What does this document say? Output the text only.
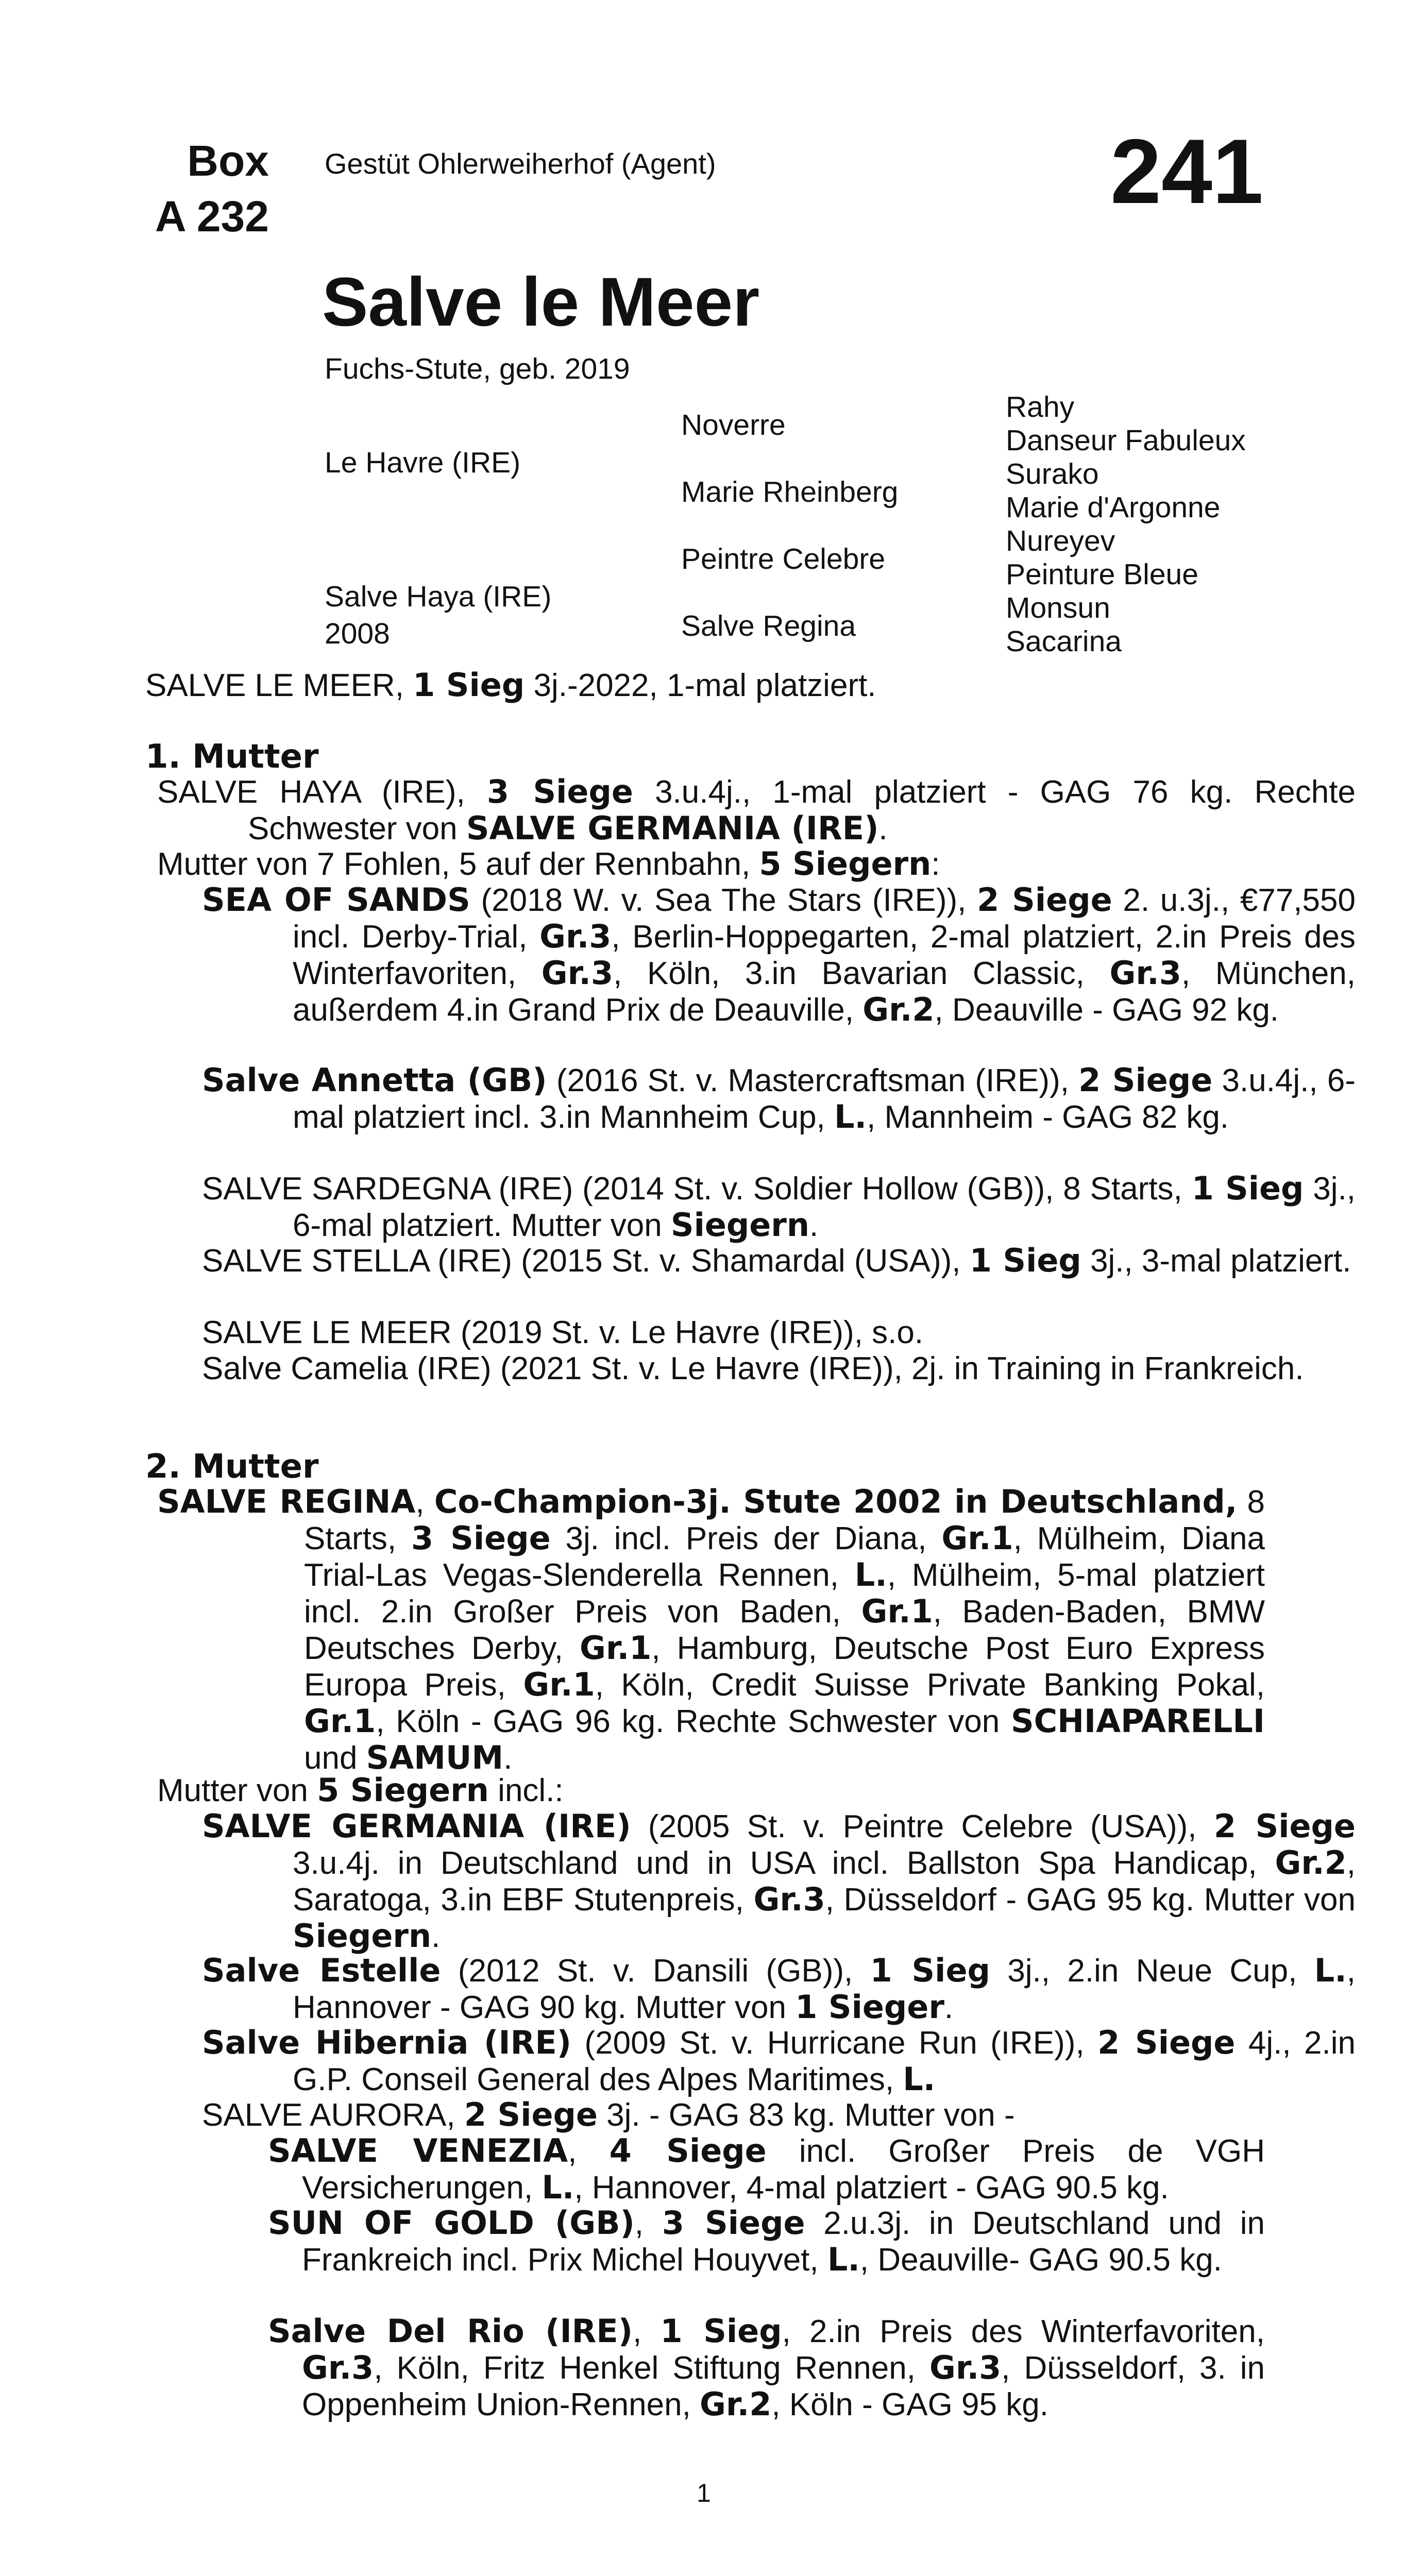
Box
A 232
Gestüt Ohlerweiherhof (Agent)	241
Salve le Meer
Fuchs-Stute, geb. 2019
Le Havre (IRE)
Salve Haya (IRE)
2008
Noverre
Marie Rheinberg
Peintre Celebre
Salve Regina
Rahy
Danseur Fabuleux
Surako
Marie d'Argonne
Nureyev
Peinture Bleue
Monsun
Sacarina
SALVE LE MEER, 1 Sieg 3j.-2022, 1-mal platziert.
1. Mutter
SALVE HAYA (IRE), 3 Siege 3.u.4j., 1-mal platziert - GAG 76 kg. Rechte Schwester von SALVE GERMANIA (IRE).
Mutter von 7 Fohlen, 5 auf der Rennbahn, 5 Siegern:
SEA OF SANDS (2018 W. v. Sea The Stars (IRE)), 2 Siege 2. u.3j., €77,550 incl. Derby-Trial, Gr.3, Berlin-Hoppegarten, 2-mal platziert, 2.in Preis des Winterfavoriten, Gr.3, Köln, 3.in Bavarian Classic, Gr.3, München, außerdem 4.in Grand Prix de Deauville, Gr.2, Deauville - GAG 92 kg.
Salve Annetta (GB) (2016 St. v. Mastercraftsman (IRE)), 2 Siege 3.u.4j., 6-mal platziert incl. 3.in Mannheim Cup, L., Mannheim - GAG 82 kg.
SALVE SARDEGNA (IRE) (2014 St. v. Soldier Hollow (GB)), 8 Starts, 1 Sieg 3j., 6-mal platziert. Mutter von Siegern.
SALVE STELLA (IRE) (2015 St. v. Shamardal (USA)), 1 Sieg 3j., 3-mal platziert.
SALVE LE MEER (2019 St. v. Le Havre (IRE)), s.o.
Salve Camelia (IRE) (2021 St. v. Le Havre (IRE)), 2j. in Training in Frankreich.
2. Mutter
SALVE REGINA, Co-Champion-3j. Stute 2002 in Deutschland, 8 Starts, 3 Siege 3j. incl. Preis der Diana, Gr.1, Mülheim, Diana Trial-Las Vegas-Slenderella Rennen, L., Mülheim, 5-mal platziert incl. 2.in Großer Preis von Baden, Gr.1, Baden-Baden, BMW Deutsches Derby, Gr.1, Hamburg, Deutsche Post Euro Express Europa Preis, Gr.1, Köln, Credit Suisse Private Banking Pokal, Gr.1, Köln - GAG 96 kg. Rechte Schwester von SCHIAPARELLI und SAMUM.
Mutter von 5 Siegern incl.:
SALVE GERMANIA (IRE) (2005 St. v. Peintre Celebre (USA)), 2 Siege 3.u.4j. in Deutschland und in USA incl. Ballston Spa Handicap, Gr.2, Saratoga, 3.in EBF Stutenpreis, Gr.3, Düsseldorf - GAG 95 kg. Mutter von Siegern.
Salve Estelle (2012 St. v. Dansili (GB)), 1 Sieg 3j., 2.in Neue Cup, L., Hannover - GAG 90 kg. Mutter von 1 Sieger.
Salve Hibernia (IRE) (2009 St. v. Hurricane Run (IRE)), 2 Siege 4j., 2.in G.P. Conseil General des Alpes Maritimes, L.
SALVE AURORA, 2 Siege 3j. - GAG 83 kg. Mutter von -
SALVE VENEZIA, 4 Siege incl. Großer Preis de VGH Versicherungen, L., Hannover, 4-mal platziert - GAG 90.5 kg.
SUN OF GOLD (GB), 3 Siege 2.u.3j. in Deutschland und in Frankreich incl. Prix Michel Houyvet, L., Deauville- GAG 90.5 kg.
Salve Del Rio (IRE), 1 Sieg, 2.in Preis des Winterfavoriten, Gr.3, Köln, Fritz Henkel Stiftung Rennen, Gr.3, Düsseldorf, 3. in Oppenheim Union-Rennen, Gr.2, Köln - GAG 95 kg.
1
